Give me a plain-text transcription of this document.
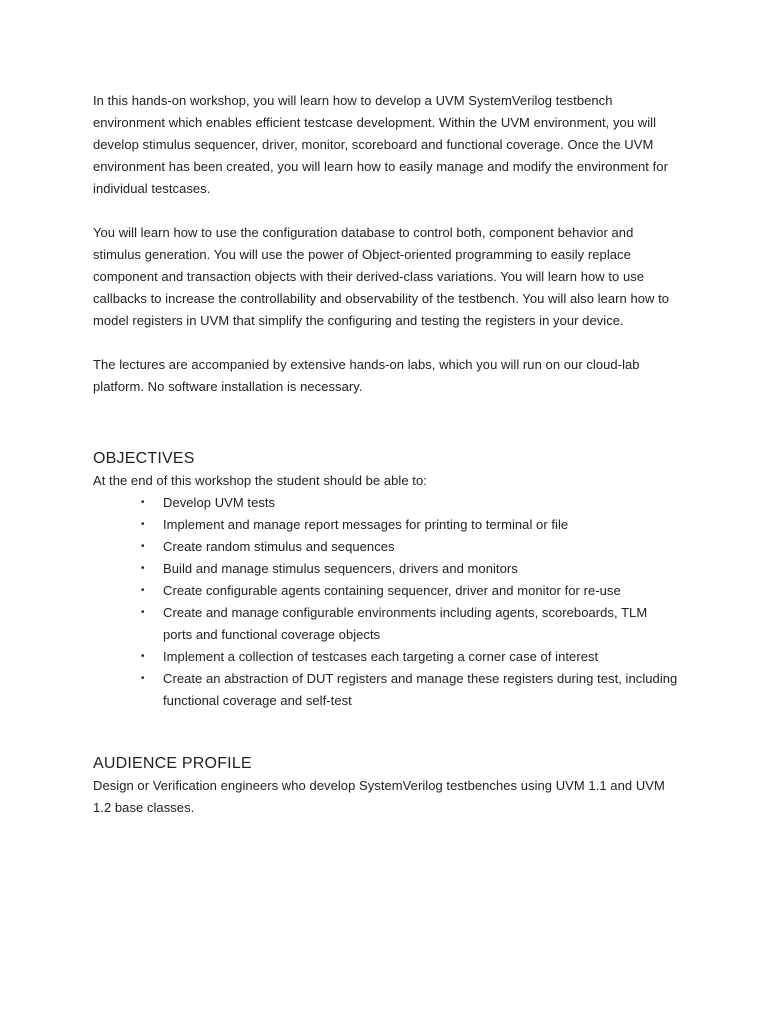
In this hands-on workshop, you will learn how to develop a UVM SystemVerilog testbench environment which enables efficient testcase development. Within the UVM environment, you will develop stimulus sequencer, driver, monitor, scoreboard and functional coverage. Once the UVM environment has been created, you will learn how to easily manage and modify the environment for individual testcases.

You will learn how to use the configuration database to control both, component behavior and stimulus generation. You will use the power of Object-oriented programming to easily replace component and transaction objects with their derived-class variations. You will learn how to use callbacks to increase the controllability and observability of the testbench. You will also learn how to model registers in UVM that simplify the configuring and testing the registers in your device.

The lectures are accompanied by extensive hands-on labs, which you will run on our cloud-lab platform. No software installation is necessary.

OBJECTIVES

At the end of this workshop the student should be able to:

• Develop UVM tests
• Implement and manage report messages for printing to terminal or file
• Create random stimulus and sequences
• Build and manage stimulus sequencers, drivers and monitors
• Create configurable agents containing sequencer, driver and monitor for re-use
• Create and manage configurable environments including agents, scoreboards, TLM ports and functional coverage objects
• Implement a collection of testcases each targeting a corner case of interest
• Create an abstraction of DUT registers and manage these registers during test, including functional coverage and self-test
AUDIENCE PROFILE

Design or Verification engineers who develop SystemVerilog testbenches using UVM 1.1 and UVM 1.2 base classes.
